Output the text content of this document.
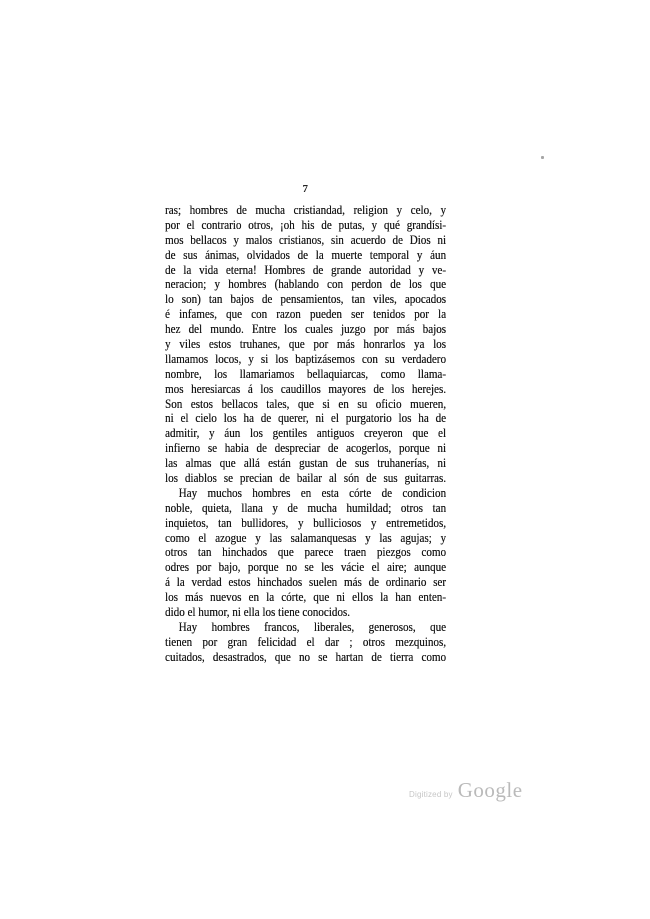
7
ras; hombres de mucha cristiandad, religion y celo, y
por el contrario otros, ¡oh his de putas, y qué grandísi-
mos bellacos y malos cristianos, sin acuerdo de Dios ni
de sus ánimas, olvidados de la muerte temporal y áun
de la vida eterna! Hombres de grande autoridad y ve-
neracion; y hombres (hablando con perdon de los que
lo son) tan bajos de pensamientos, tan viles, apocados
é infames, que con razon pueden ser tenidos por la
hez del mundo. Entre los cuales juzgo por más bajos
y viles estos truhanes, que por más honrarlos ya los
llamamos locos, y si los baptizásemos con su verdadero
nombre, los llamariamos bellaquiarcas, como llama-
mos heresiarcas á los caudillos mayores de los herejes.
Son estos bellacos tales, que si en su oficio mueren,
ni el cielo los ha de querer, ni el purgatorio los ha de
admitir, y áun los gentiles antiguos creyeron que el
infierno se habia de despreciar de acogerlos, porque ni
las almas que allá están gustan de sus truhanerías, ni
los diablos se precian de bailar al són de sus guitarras.
Hay muchos hombres en esta córte de condicion
noble, quieta, llana y de mucha humildad; otros tan
inquietos, tan bullidores, y bulliciosos y entremetidos,
como el azogue y las salamanquesas y las agujas; y
otros tan hinchados que parece traen piezgos como
odres por bajo, porque no se les vácie el aire; aunque
á la verdad estos hinchados suelen más de ordinario ser
los más nuevos en la córte, que ni ellos la han enten-
dido el humor, ni ella los tiene conocidos.
Hay hombres francos, liberales, generosos, que
tienen por gran felicidad el dar ; otros mezquinos,
cuitados, desastrados, que no se hartan de tierra como
Digitized by Google
